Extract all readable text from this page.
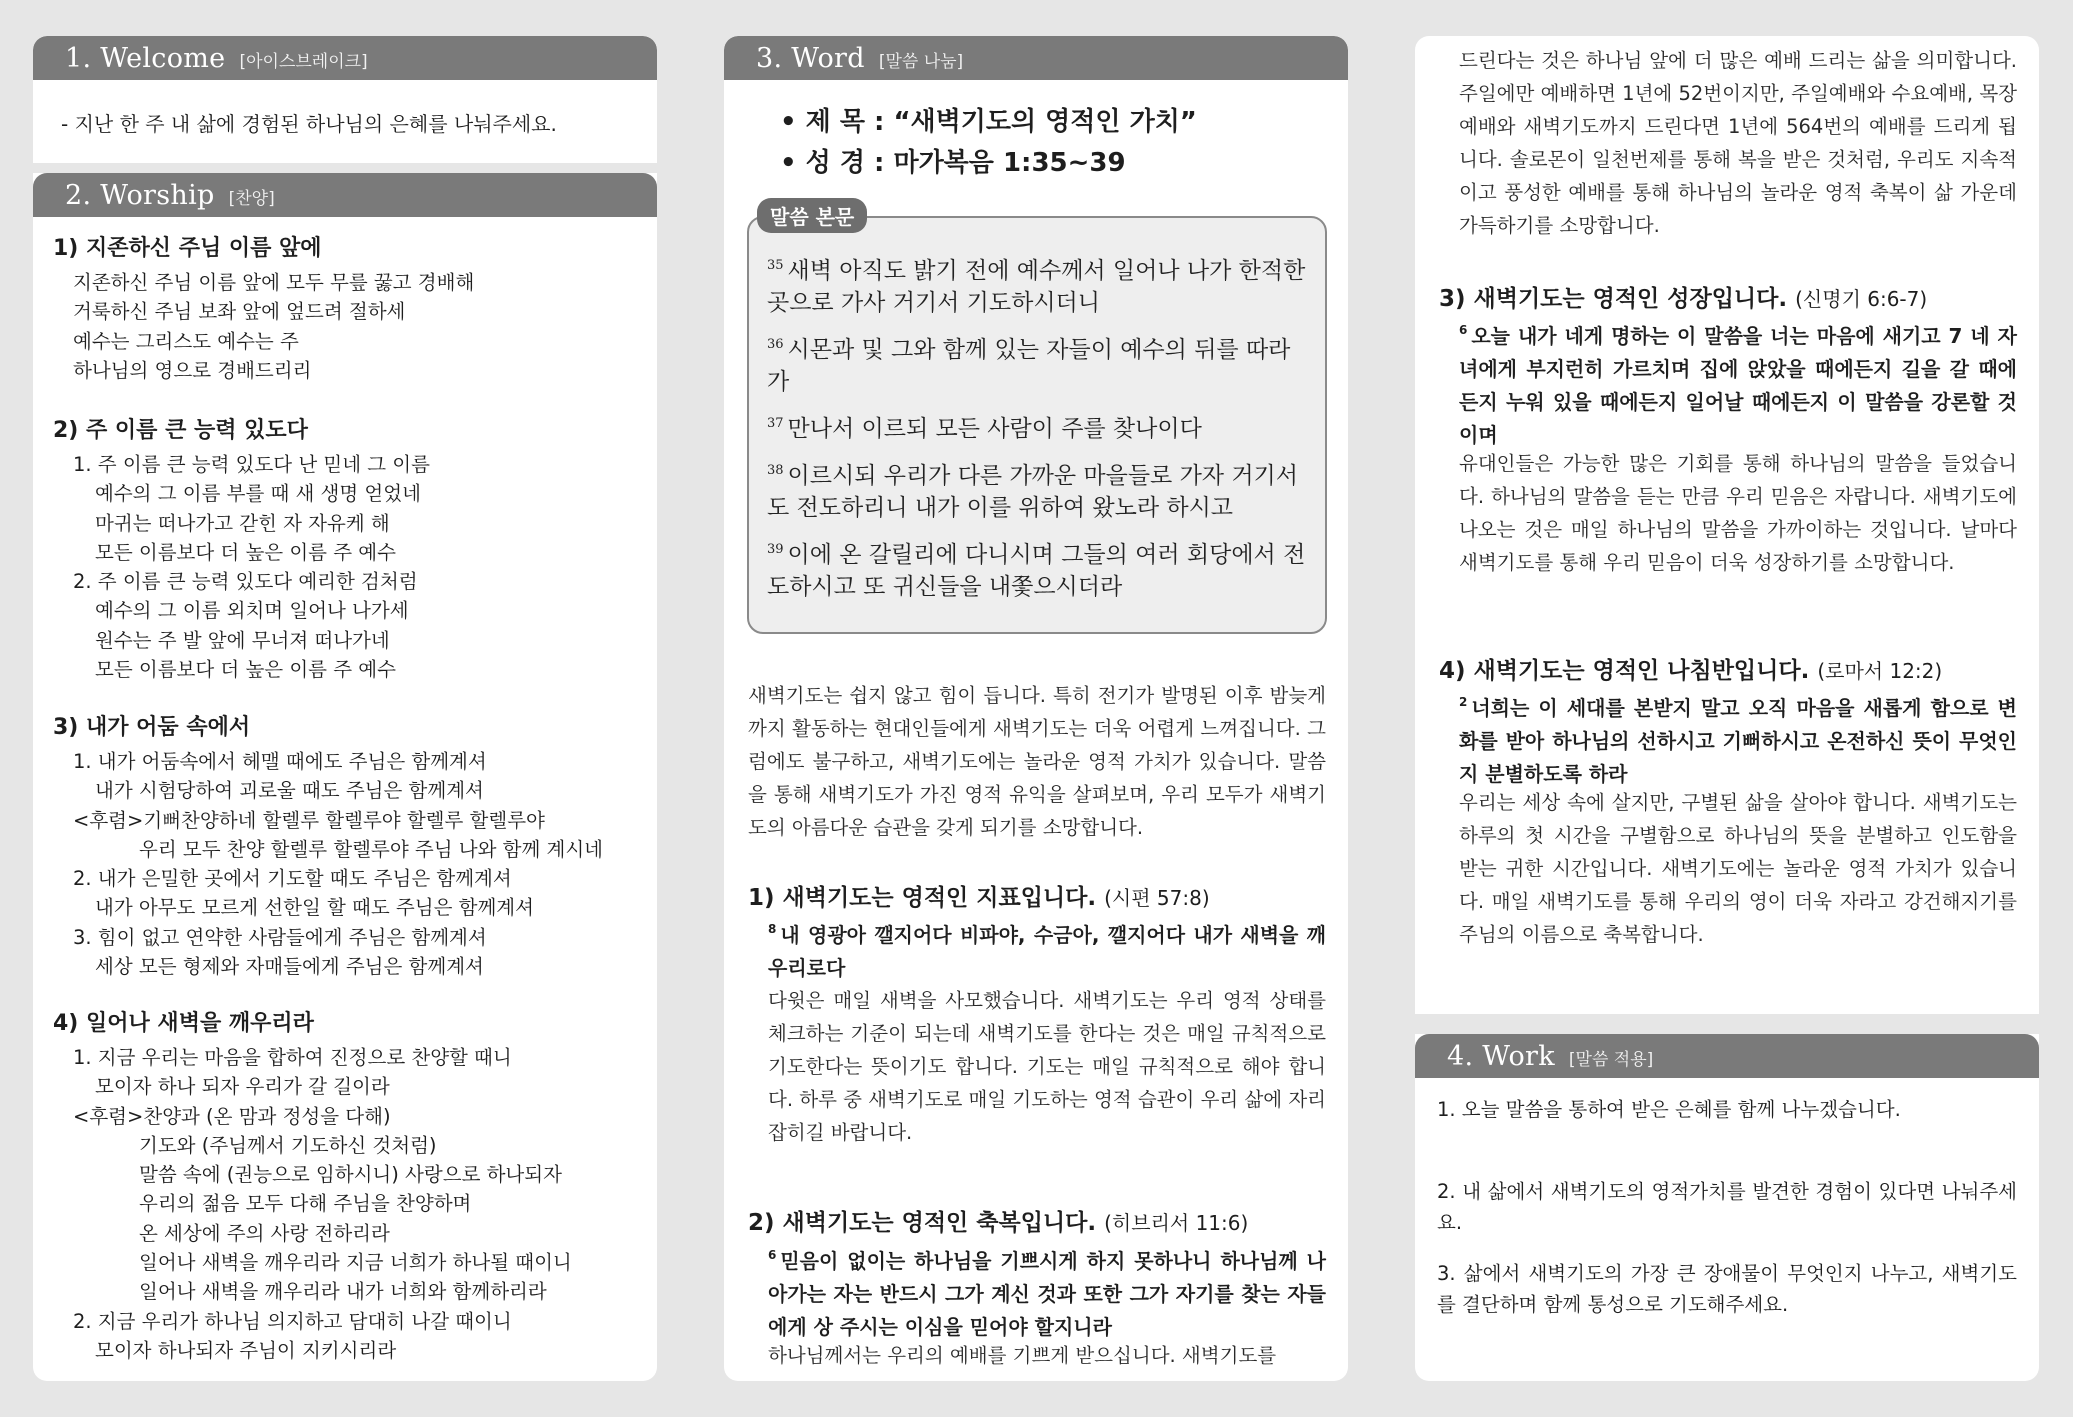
1. Welcome [아이스브레이크]
- 지난 한 주 내 삶에 경험된 하나님의 은혜를 나눠주세요.
2. Worship [찬양]
1) 지존하신 주님 이름 앞에
지존하신 주님 이름 앞에 모두 무릎 꿇고 경배해
거룩하신 주님 보좌 앞에 엎드려 절하세
예수는 그리스도 예수는 주
하나님의 영으로 경배드리리
2) 주 이름 큰 능력 있도다
1. 주 이름 큰 능력 있도다 난 믿네 그 이름
예수의 그 이름 부를 때 새 생명 얻었네
마귀는 떠나가고 갇힌 자 자유케 해
모든 이름보다 더 높은 이름 주 예수
2. 주 이름 큰 능력 있도다 예리한 검처럼
예수의 그 이름 외치며 일어나 나가세
원수는 주 발 앞에 무너져 떠나가네
모든 이름보다 더 높은 이름 주 예수
3) 내가 어둠 속에서
1. 내가 어둠속에서 헤맬 때에도 주님은 함께계셔
내가 시험당하여 괴로울 때도 주님은 함께계셔
<후렴>기뻐찬양하네 할렐루 할렐루야 할렐루 할렐루야
우리 모두 찬양 할렐루 할렐루야 주님 나와 함께 계시네
2. 내가 은밀한 곳에서 기도할 때도 주님은 함께계셔
내가 아무도 모르게 선한일 할 때도 주님은 함께계셔
3. 힘이 없고 연약한 사람들에게 주님은 함께계셔
세상 모든 형제와 자매들에게 주님은 함께계셔
4) 일어나 새벽을 깨우리라
1. 지금 우리는 마음을 합하여 진정으로 찬양할 때니
모이자 하나 되자 우리가 갈 길이라
<후렴>찬양과 (온 맘과 정성을 다해)
기도와 (주님께서 기도하신 것처럼)
말씀 속에 (권능으로 임하시니) 사랑으로 하나되자
우리의 젊음 모두 다해 주님을 찬양하며
온 세상에 주의 사랑 전하리라
일어나 새벽을 깨우리라 지금 너희가 하나될 때이니
일어나 새벽을 깨우리라 내가 너희와 함께하리라
2. 지금 우리가 하나님 의지하고 담대히 나갈 때이니
모이자 하나되자 주님이 지키시리라
3. Word [말씀 나눔]
• 제 목 : “새벽기도의 영적인 가치”
• 성 경 : 마가복음 1:35~39
$^{35}$ 새벽 아직도 밝기 전에 예수께서 일어나 나가 한적한 곳으로 가사 거기서 기도하시더니
$^{36}$ 시몬과 및 그와 함께 있는 자들이 예수의 뒤를 따라가
$^{37}$ 만나서 이르되 모든 사람이 주를 찾나이다
$^{38}$ 이르시되 우리가 다른 가까운 마을들로 가자 거기서도 전도하리니 내가 이를 위하여 왔노라 하시고
$^{39}$ 이에 온 갈릴리에 다니시며 그들의 여러 회당에서 전도하시고 또 귀신들을 내쫓으시더라
말씀 본문
새벽기도는 쉽지 않고 힘이 듭니다. 특히 전기가 발명된 이후 밤늦게까지 활동하는 현대인들에게 새벽기도는 더욱 어렵게 느껴집니다. 그럼에도 불구하고, 새벽기도에는 놀라운 영적 가치가 있습니다. 말씀을 통해 새벽기도가 가진 영적 유익을 살펴보며, 우리 모두가 새벽기도의 아름다운 습관을 갖게 되기를 소망합니다.
1) 새벽기도는 영적인 지표입니다. (시편 57:8)
$^8$ 내 영광아 깰지어다 비파야, 수금아, 깰지어다 내가 새벽을 깨우리로다
다윗은 매일 새벽을 사모했습니다. 새벽기도는 우리 영적 상태를 체크하는 기준이 되는데 새벽기도를 한다는 것은 매일 규칙적으로 기도한다는 뜻이기도 합니다. 기도는 매일 규칙적으로 해야 합니다. 하루 중 새벽기도로 매일 기도하는 영적 습관이 우리 삶에 자리 잡히길 바랍니다.
2) 새벽기도는 영적인 축복입니다. (히브리서 11:6)
$^6$ 믿음이 없이는 하나님을 기쁘시게 하지 못하나니 하나님께 나아가는 자는 반드시 그가 계신 것과 또한 그가 자기를 찾는 자들에게 상 주시는 이심을 믿어야 할지니라
하나님께서는 우리의 예배를 기쁘게 받으십니다. 새벽기도를
드린다는 것은 하나님 앞에 더 많은 예배 드리는 삶을 의미합니다. 주일에만 예배하면 1년에 52번이지만, 주일예배와 수요예배, 목장예배와 새벽기도까지 드린다면 1년에 564번의 예배를 드리게 됩니다. 솔로몬이 일천번제를 통해 복을 받은 것처럼, 우리도 지속적이고 풍성한 예배를 통해 하나님의 놀라운 영적 축복이 삶 가운데 가득하기를 소망합니다.
3) 새벽기도는 영적인 성장입니다. (신명기 6:6-7)
$^6$ 오늘 내가 네게 명하는 이 말씀을 너는 마음에 새기고 7 네 자녀에게 부지런히 가르치며 집에 앉았을 때에든지 길을 갈 때에든지 누워 있을 때에든지 일어날 때에든지 이 말씀을 강론할 것이며
유대인들은 가능한 많은 기회를 통해 하나님의 말씀을 들었습니다. 하나님의 말씀을 듣는 만큼 우리 믿음은 자랍니다. 새벽기도에 나오는 것은 매일 하나님의 말씀을 가까이하는 것입니다. 날마다 새벽기도를 통해 우리 믿음이 더욱 성장하기를 소망합니다.
4) 새벽기도는 영적인 나침반입니다. (로마서 12:2)
$^2$ 너희는 이 세대를 본받지 말고 오직 마음을 새롭게 함으로 변화를 받아 하나님의 선하시고 기뻐하시고 온전하신 뜻이 무엇인지 분별하도록 하라
우리는 세상 속에 살지만, 구별된 삶을 살아야 합니다. 새벽기도는 하루의 첫 시간을 구별함으로 하나님의 뜻을 분별하고 인도함을 받는 귀한 시간입니다. 새벽기도에는 놀라운 영적 가치가 있습니다. 매일 새벽기도를 통해 우리의 영이 더욱 자라고 강건해지기를 주님의 이름으로 축복합니다.
4. Work [말씀 적용]
1. 오늘 말씀을 통하여 받은 은혜를 함께 나누겠습니다.
2. 내 삶에서 새벽기도의 영적가치를 발견한 경험이 있다면 나눠주세요.
3. 삶에서 새벽기도의 가장 큰 장애물이 무엇인지 나누고, 새벽기도를 결단하며 함께 통성으로 기도해주세요.
